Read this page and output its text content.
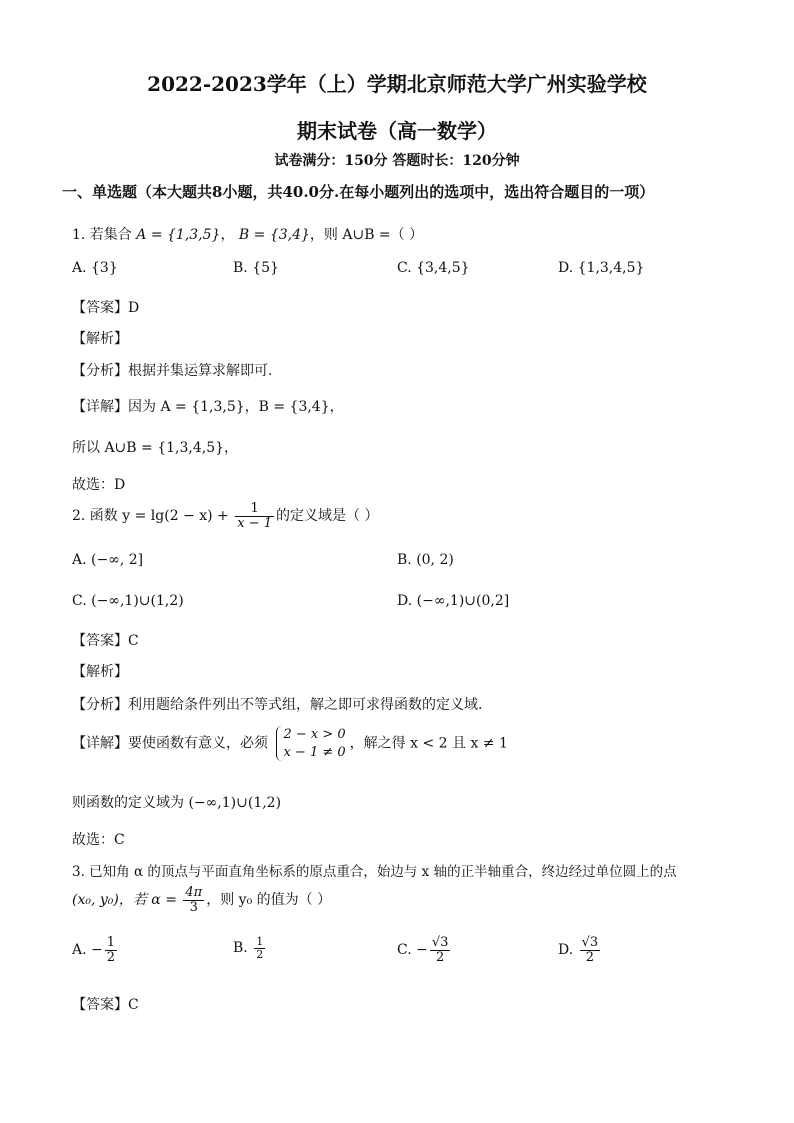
2022-2023学年（上）学期北京师范大学广州实验学校
期末试卷（高一数学）
试卷满分：150分 答题时长：120分钟
一、单选题（本大题共8小题，共40.0分.在每小题列出的选项中，选出符合题目的一项）
1. 若集合 A = {1,3,5}， B = {3,4}，则 A∪B =（ ）
A. {3}	B. {5}	C. {3,4,5}	D. {1,3,4,5}
【答案】D
【解析】
【分析】根据并集运算求解即可.
【详解】因为 A = {1,3,5}，B = {3,4}，
所以 A∪B = {1,3,4,5}，
故选：D
2. 函数 $y = \lg(2 - x) + \frac{1}{x - 1}$ 的定义域是（ ）
A. (−∞, 2]	B. (0, 2)
C. (−∞,1)∪(1,2)	D. (−∞,1)∪(0,2]
【答案】C
【解析】
【分析】利用题给条件列出不等式组，解之即可求得函数的定义域.
【详解】要使函数有意义，必须
2 − x > 0
x − 1 ≠ 0
，解之得 x < 2 且 x ≠ 1
则函数的定义域为 (−∞,1)∪(1,2)
故选：C
3. 已知角 α 的顶点与平面直角坐标系的原点重合，始边与 x 轴的正半轴重合，终边经过单位圆上的点
(x₀, y₀)，若 $\alpha = \frac{4\pi}{3}$ ，则 y₀ 的值为（ ）
A. − $\frac{1}{2}$	B. $\frac{1}{2}$	C. − $\frac{√3}{2}$	D. $\frac{√3}{2}$
【答案】C
